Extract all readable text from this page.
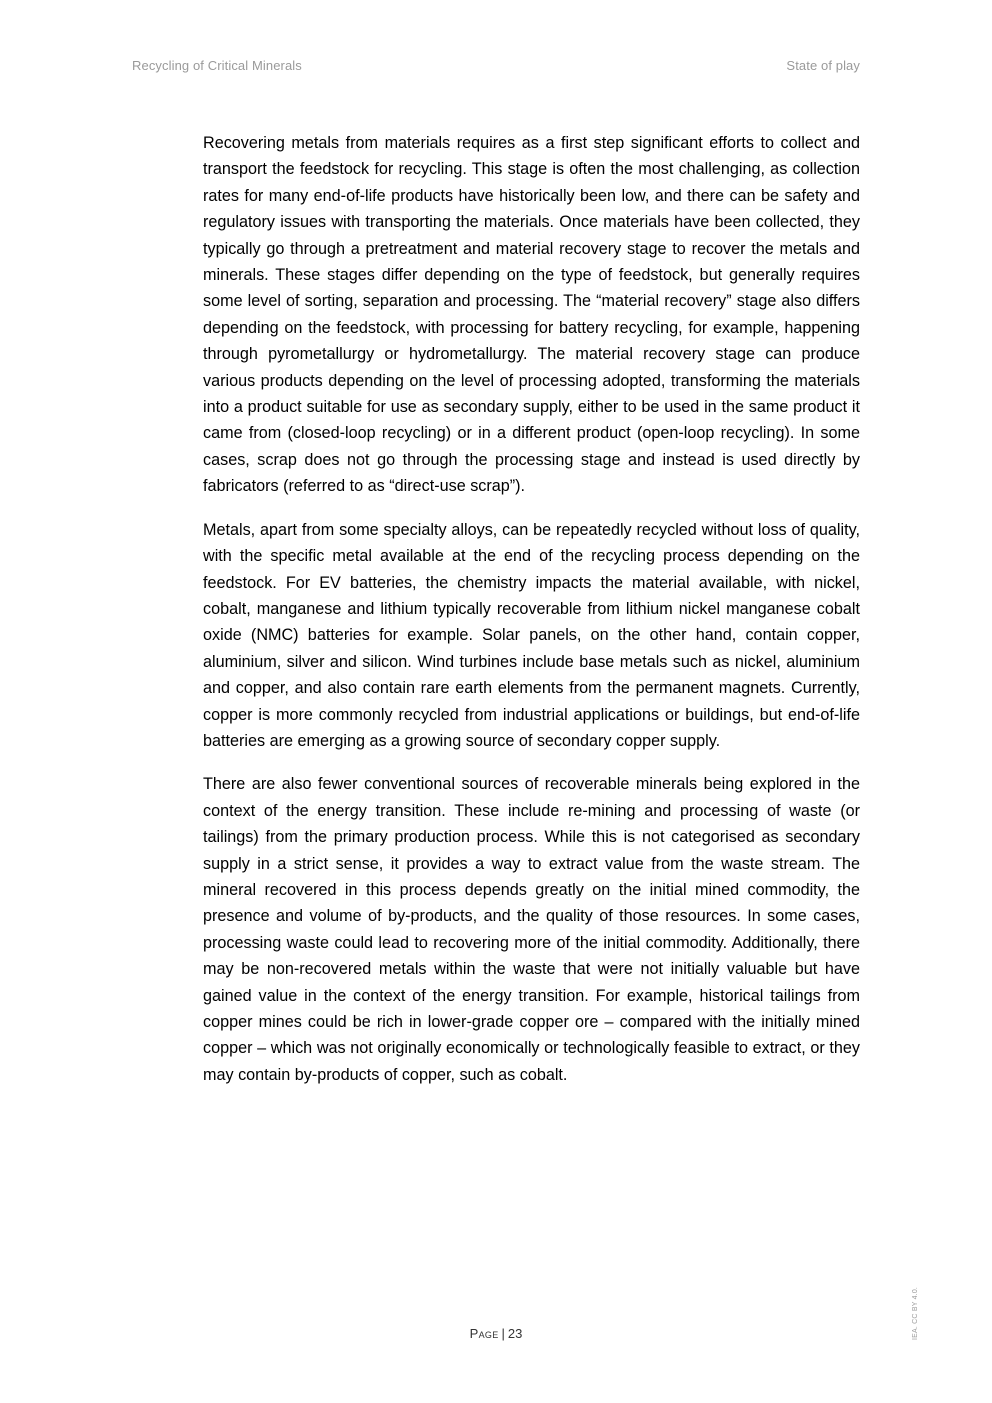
Recycling of Critical Minerals	State of play

Recovering metals from materials requires as a first step significant efforts to collect and transport the feedstock for recycling. This stage is often the most challenging, as collection rates for many end-of-life products have historically been low, and there can be safety and regulatory issues with transporting the materials. Once materials have been collected, they typically go through a pretreatment and material recovery stage to recover the metals and minerals. These stages differ depending on the type of feedstock, but generally requires some level of sorting, separation and processing. The “material recovery” stage also differs depending on the feedstock, with processing for battery recycling, for example, happening through pyrometallurgy or hydrometallurgy. The material recovery stage can produce various products depending on the level of processing adopted, transforming the materials into a product suitable for use as secondary supply, either to be used in the same product it came from (closed-loop recycling) or in a different product (open-loop recycling). In some cases, scrap does not go through the processing stage and instead is used directly by fabricators (referred to as “direct-use scrap”).

Metals, apart from some specialty alloys, can be repeatedly recycled without loss of quality, with the specific metal available at the end of the recycling process depending on the feedstock. For EV batteries, the chemistry impacts the material available, with nickel, cobalt, manganese and lithium typically recoverable from lithium nickel manganese cobalt oxide (NMC) batteries for example. Solar panels, on the other hand, contain copper, aluminium, silver and silicon. Wind turbines include base metals such as nickel, aluminium and copper, and also contain rare earth elements from the permanent magnets. Currently, copper is more commonly recycled from industrial applications or buildings, but end-of-life batteries are emerging as a growing source of secondary copper supply.

There are also fewer conventional sources of recoverable minerals being explored in the context of the energy transition. These include re-mining and processing of waste (or tailings) from the primary production process. While this is not categorised as secondary supply in a strict sense, it provides a way to extract value from the waste stream. The mineral recovered in this process depends greatly on the initial mined commodity, the presence and volume of by-products, and the quality of those resources. In some cases, processing waste could lead to recovering more of the initial commodity. Additionally, there may be non-recovered metals within the waste that were not initially valuable but have gained value in the context of the energy transition. For example, historical tailings from copper mines could be rich in lower-grade copper ore – compared with the initially mined copper – which was not originally economically or technologically feasible to extract, or they may contain by-products of copper, such as cobalt.

Page | 23	IEA. CC BY 4.0.
